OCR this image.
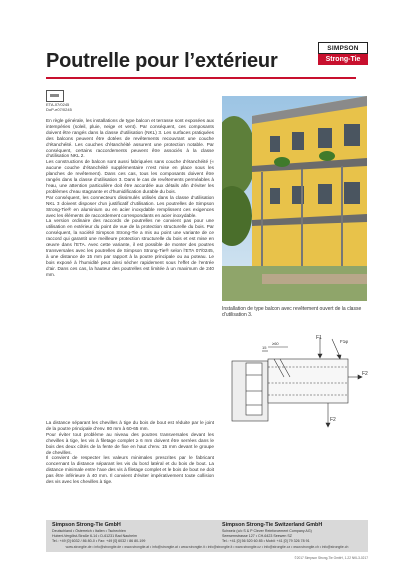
Poutrelle pour l’extérieur
SIMPSON
Strong-Tie
ETA-07/0245
DoP-e07/0245

En règle générale, les installations de type balcon et terrasse sont exposées aux intempéries (soleil, pluie, neige et vent). Par conséquent, ces composants doivent être rangés dans la classe d’utilisation (NKL) 3. Les surfaces pratiquées des balcons peuvent être dotées de revêtements recouvrant une couche d’étanchéité. Les couches d’étanchéité assurent une protection notable. Par conséquent, certains raccordements peuvent être associés à la classe d’utilisation NKL 2.

Les constructions de balcon sont aussi fabriquées sans couche d’étanchéité (« aucune couche d’étanchéité supplémentaire n’est mise en place sous les planches de revêtement). Dans ces cas, tous les composants doivent être rangés dans la classe d’utilisation 3. Dans le cas de revêtements perméables à l’eau, une attention particulière doit être accordée aux détails afin d’éviter les problèmes d’eau stagnante et d’humidification durable du bois.

Par conséquent, les connecteurs dissimulés utilisés dans la classe d’utilisation NKL 3 doivent disposer d’un justificatif d’utilisation. Les poutrelles de Simpson Strong-Tie® en aluminium ou en acier inoxydable remplissent ces exigences avec les éléments de raccordement correspondants en acier inoxydable.

La version ordinaire des raccords de poutrelles ne convient pas pour une utilisation en extérieur du point de vue de la protection structurelle du bois. Par conséquent, la société Simpson Strong-Tie a mis au point une variante de ce raccord qui garantit une meilleure protection structurelle du bois et est mise en œuvre dans l’ETA. Avec cette variante, il est possible de monter des poutres transversales avec les poutrelles de Simpson Strong-Tie® selon l’ETA 07/0245, à une distance de 15 mm par rapport à la poutre principale ou au poteau. Le bois exposé à l’humidité peut ainsi sécher rapidement sous l’effet de l’entrée d’air. Dans ces cas, la hauteur des poutrelles est limitée à un maximum de 240 mm.

La distance séparant les chevilles à tige du bois de bout est réduite par le joint de la poutre principale d’env. 80 mm à 60-65 mm.

Pour éviter tout problème au niveau des poutres transversales devant les chevilles à tige, les vis à filetage complet ≥ 6 mm doivent être serrées dans le bois des deux côtés de la fente de fixe en haut d’env. 15 mm devant le groupe de chevilles.

Il convient de respecter les valeurs minimales prescrites par le fabricant concernant la distance séparant les vis du bord latéral et du bois de bout. La distance minimale entre l’axe des vis à filetage complet et le bois de bout ne doit pas être inférieure à 40 mm. Il convient d’éviter impérativement toute collision des vis avec les chevilles à tige.

Installation de type balcon avec revêtement ouvert de la classe d’utilisation 3.
F1
F1φ
F2
F2
15
≥60
Simpson Strong-Tie GmbH
Deutschland • Österreich • Italien • Tschechien
Hubert-Vergölst-Straße 6-14 • D-61231 Bad Nauheim
Tel.: +49 [0] 6032 / 86 80-0 • Fax: +49 [0] 6032 / 86 80-199
Simpson Strong-Tie Switzerland GmbH
Schweiz (c/o S & P Clever Reinforcement Company AG)
Seewernstrasse 127 • CH-6423 Seewen SZ
Tel.: +41 [0] 56 520 60 85 • Mobil: +41 [0] 79 326 78 91
www.strongtie.de • info@strongtie.de • www.strongtie.at • info@strongtie.at • www.strongtie.it • info@strongtie.it • www.strongtie.cz • info@strongtie.cz • www.strongtie.ch • info@strongtie.ch
©2017 Simpson Strong-Tie GmbH, 1-22 NKL3-0217
